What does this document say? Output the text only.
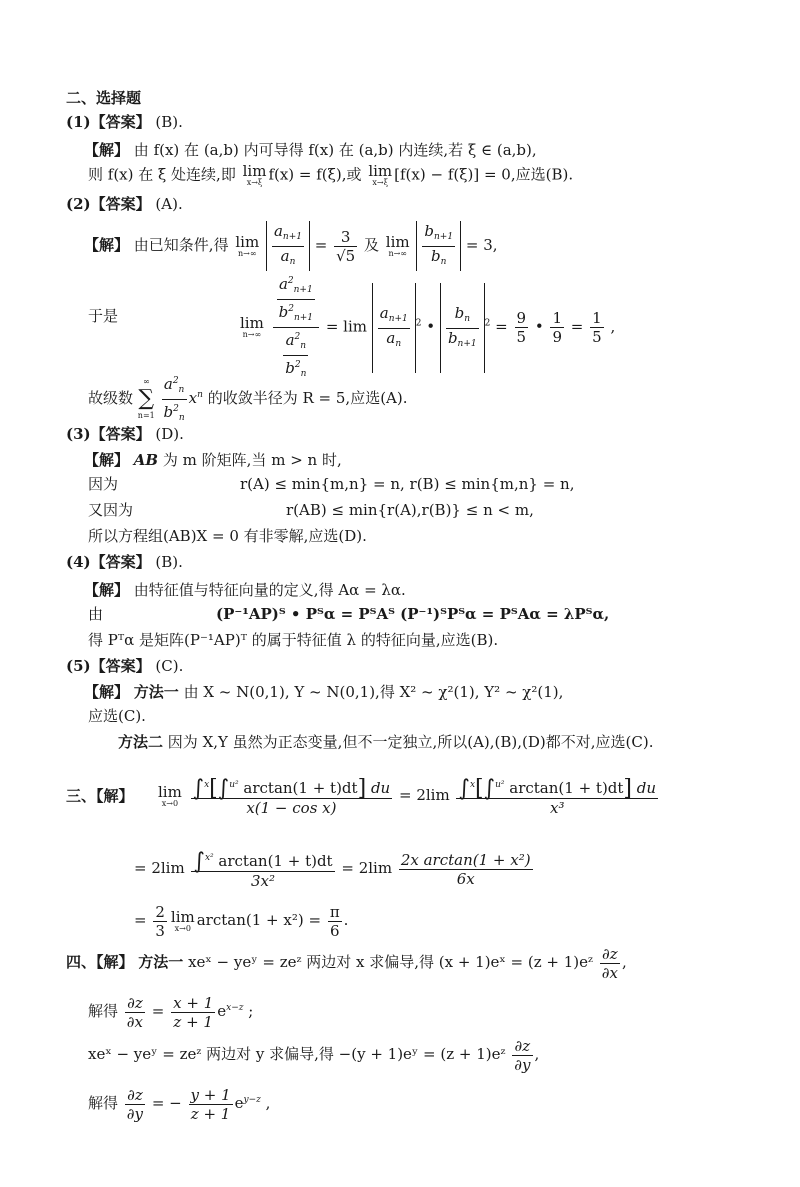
二、选择题
(1)【答案】 (B).
【解】 由 f(x) 在 (a,b) 内可导得 f(x) 在 (a,b) 内连续,若 ξ ∈ (a,b),
则 f(x) 在 ξ 处连续,即 lim
x→ξ f(x) = f(ξ),或 lim
x→ξ [f(x) − f(ξ)] = 0,应选(B).
(2)【答案】 (A).
【解】 由已知条件,得 lim
n→∞
$\frac{a_{n+1}}{a_n} = \frac{3}{√5}$ 及 lim
n→∞
$\frac{b_{n+1}}{b_n} = 3$,
于是	lim
n→∞
$\frac{\frac{a^2_{n+1}}{b^2_{n+1}}}{\frac{a^2_n}{b^2_n}} = \lim \frac{a_{n+1}}{a_n} ^2$ • $\frac{b_n}{b_{n+1}} ^2 = \frac{9}{5}$ • $\frac{1}{9} = \frac{1}{5}$ ,
故级数
∞
∑
n=1
$\frac{a^2_n}{b^2_n} x^n$ 的收敛半径为 R = 5,应选(A).
(3)【答案】 (D).
【解】 AB 为 m 阶矩阵,当 m > n 时,
因为	r(A) ≤ min{m,n} = n, r(B) ≤ min{m,n} = n,
又因为	r(AB) ≤ min{r(A),r(B)} ≤ n < m,
所以方程组(AB)X = 0 有非零解,应选(D).
(4)【答案】 (B).
【解】 由特征值与特征向量的定义,得 Aα = λα.
由	(P⁻¹AP)ᵀ • Pᵀα = PᵀAᵀ (P⁻¹)ᵀPᵀα = PᵀAα = λPᵀα,
得 Pᵀα 是矩阵(P⁻¹AP)ᵀ 的属于特征值 λ 的特征向量,应选(B).
(5)【答案】 (C).
【解】 方法一 由 X ~ N(0,1), Y ~ N(0,1),得 X² ~ χ²(1), Y² ~ χ²(1),
应选(C).
方法二 因为 X,Y 虽然为正态变量,但不一定独立,所以(A),(B),(D)都不对,应选(C).
三、【解】 lim
x→0
$\frac{\int^x[\int^{u^2} \arctan(1 + t)dt] du}{\text{x(1 − cos x)}} = 2\lim \frac{\int^x[\int^{u^2} \arctan(1 + t)dt] du}{\text{x³}}$
= $2\lim \frac{\int^{x^2} \arctan(1 + t)dt}{\text{3x²}} = 2\lim \frac{\text{2x arctan(1 + x²)}}{6x}$
= $\frac{2}{3}$ lim
x→0 $\arctan(1 + x^2) = \frac{\pi}{6}$ .
四、【解】 方法一 xeˣ − yeʸ = zeᶻ 两边对 x 求偏导,得 (x + 1)eˣ = (z + 1)eᶻ $\frac{\partial z}{\partial x}$ ,
解得 $\frac{\partial z}{\partial x} = \frac{x + 1}{z + 1} e^{x-z}$ ;
xeˣ − yeʸ = zeᶻ 两边对 y 求偏导,得 −(y + 1)eʸ = (z + 1)eᶻ $\frac{\partial z}{\partial y}$ ,
解得 $\frac{\partial z}{\partial y}$ = − $\frac{y + 1}{z + 1} e^{y-z}$ ,
